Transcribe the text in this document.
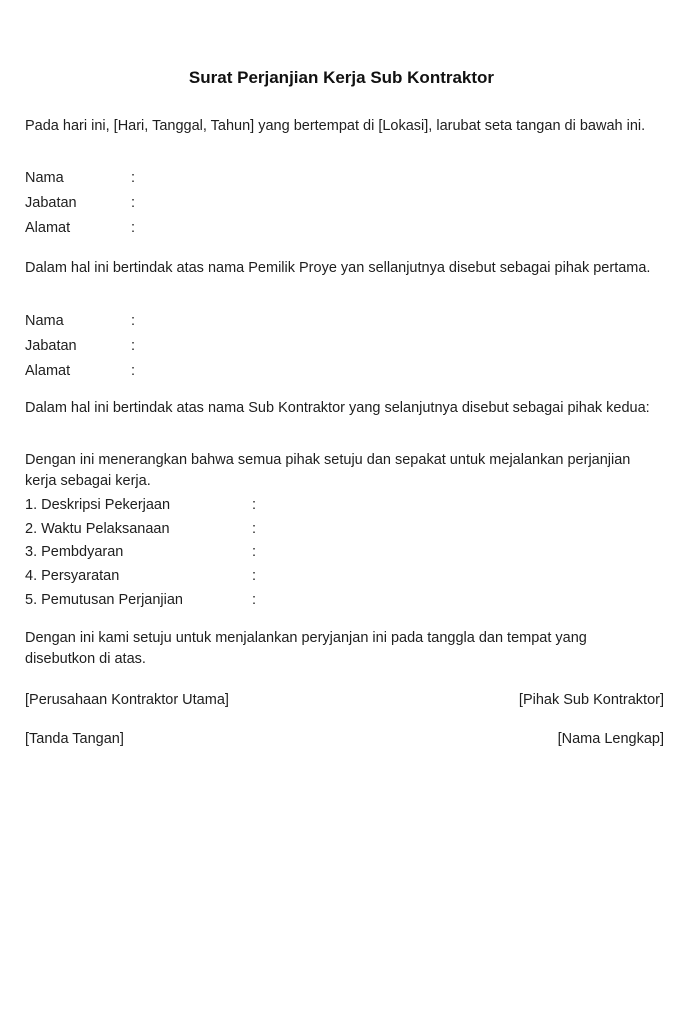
Surat Perjanjian Kerja Sub Kontraktor
Pada hari ini, [Hari, Tanggal, Tahun] yang bertempat di [Lokasi], larubat seta tangan di bawah ini.
Nama	:
Jabatan	:
Alamat	:
Dalam hal ini bertindak atas nama Pemilik Proye yan sellanjutnya disebut sebagai pihak pertama.
Nama	:
Jabatan	:
Alamat	:
Dalam hal ini bertindak atas nama Sub Kontraktor yang selanjutnya disebut sebagai pihak kedua:
Dengan ini menerangkan bahwa semua pihak setuju dan sepakat untuk mejalankan perjanjian kerja sebagai kerja.
1. Deskripsi Pekerjaan	:
2. Waktu Pelaksanaan	:
3. Pembdyaran	:
4. Persyaratan	:
5. Pemutusan Perjanjian	:
Dengan ini kami setuju untuk menjalankan peryjanjan ini pada tanggla dan tempat yang disebutkon di atas.
[Perusahaan Kontraktor Utama]	[Pihak Sub Kontraktor]
[Tanda Tangan]	[Nama Lengkap]
